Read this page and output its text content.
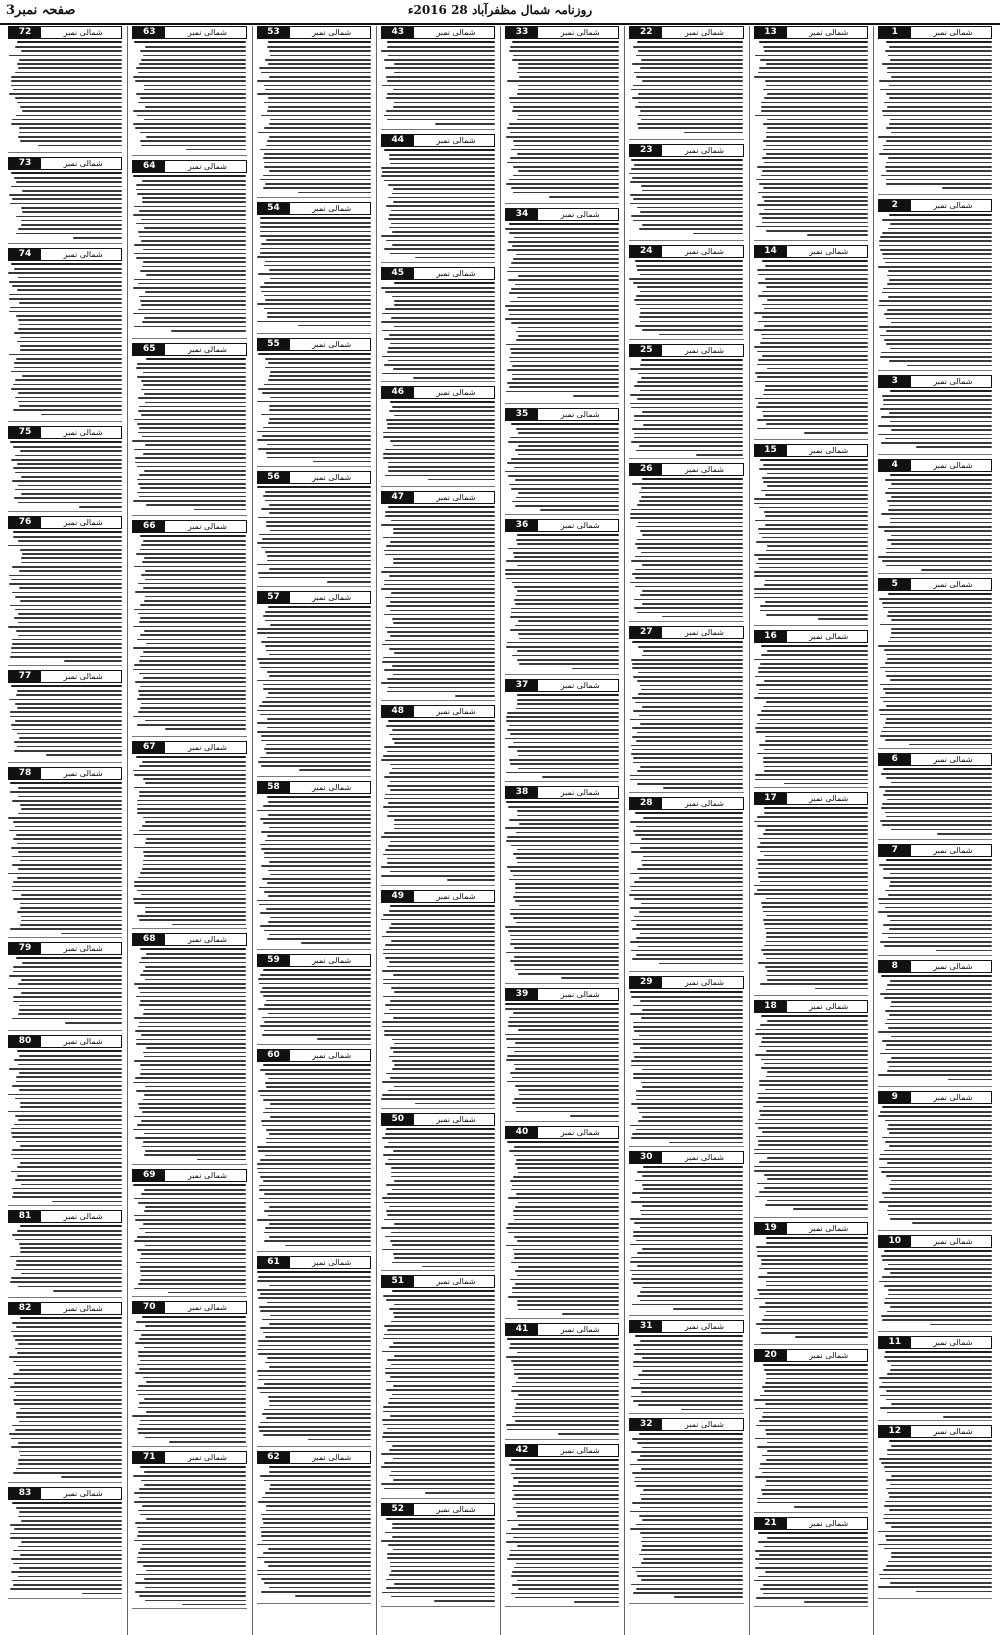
صفحہ نمبر3	روزنامہ شمال مظفرآباد 28 2016ء
1	شمالی نمبر
2	شمالی نمبر
3	شمالی نمبر
4	شمالی نمبر
5	شمالی نمبر
6	شمالی نمبر
7	شمالی نمبر
8	شمالی نمبر
9	شمالی نمبر
10	شمالی نمبر
11	شمالی نمبر
12	شمالی نمبر
13	شمالی نمبر
14	شمالی نمبر
15	شمالی نمبر
16	شمالی نمبر
17	شمالی نمبر
18	شمالی نمبر
19	شمالی نمبر
20	شمالی نمبر
21	شمالی نمبر
22	شمالی نمبر
23	شمالی نمبر
24	شمالی نمبر
25	شمالی نمبر
26	شمالی نمبر
27	شمالی نمبر
28	شمالی نمبر
29	شمالی نمبر
30	شمالی نمبر
31	شمالی نمبر
32	شمالی نمبر
33	شمالی نمبر
34	شمالی نمبر
35	شمالی نمبر
36	شمالی نمبر
37	شمالی نمبر
38	شمالی نمبر
39	شمالی نمبر
40	شمالی نمبر
41	شمالی نمبر
42	شمالی نمبر
43	شمالی نمبر
44	شمالی نمبر
45	شمالی نمبر
46	شمالی نمبر
47	شمالی نمبر
48	شمالی نمبر
49	شمالی نمبر
50	شمالی نمبر
51	شمالی نمبر
52	شمالی نمبر
53	شمالی نمبر
54	شمالی نمبر
55	شمالی نمبر
56	شمالی نمبر
57	شمالی نمبر
58	شمالی نمبر
59	شمالی نمبر
60	شمالی نمبر
61	شمالی نمبر
62	شمالی نمبر
63	شمالی نمبر
64	شمالی نمبر
65	شمالی نمبر
66	شمالی نمبر
67	شمالی نمبر
68	شمالی نمبر
69	شمالی نمبر
70	شمالی نمبر
71	شمالی نمبر
72	شمالی نمبر
73	شمالی نمبر
74	شمالی نمبر
75	شمالی نمبر
76	شمالی نمبر
77	شمالی نمبر
78	شمالی نمبر
79	شمالی نمبر
80	شمالی نمبر
81	شمالی نمبر
82	شمالی نمبر
83	شمالی نمبر
